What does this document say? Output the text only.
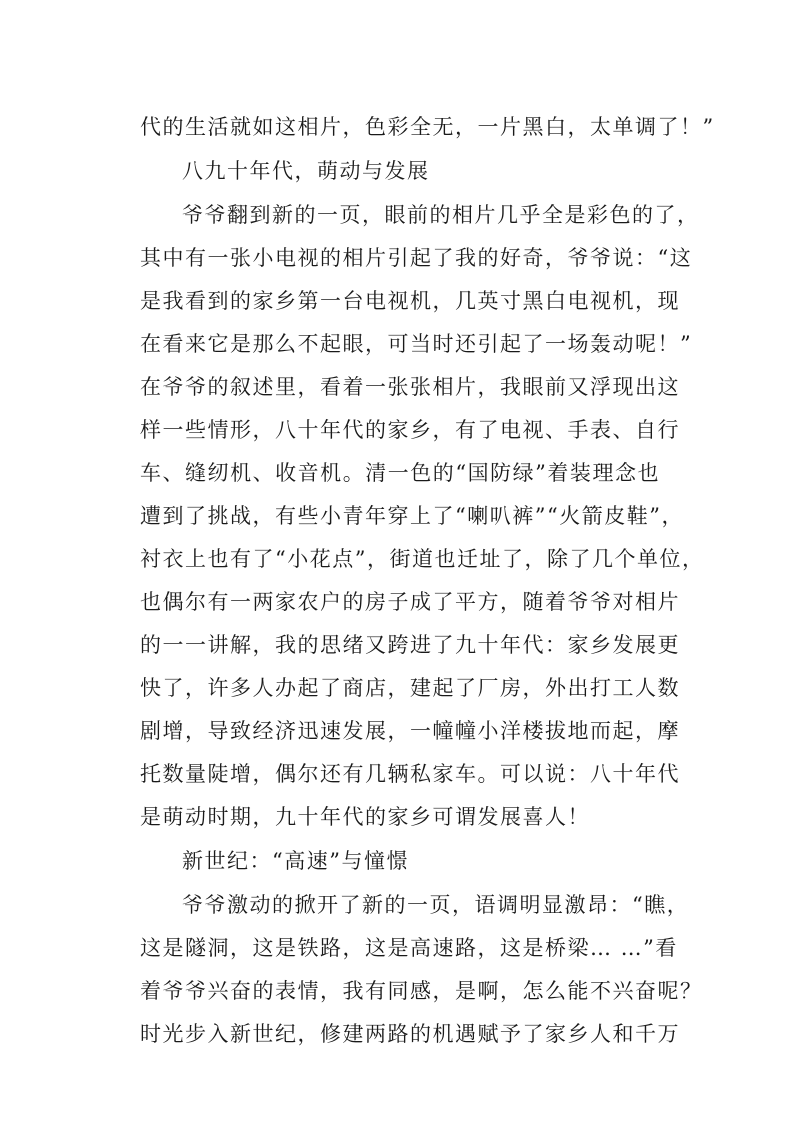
代的生活就如这相片，色彩全无，一片黑白，太单调了！”
八九十年代，萌动与发展
爷爷翻到新的一页，眼前的相片几乎全是彩色的了，
其中有一张小电视的相片引起了我的好奇，爷爷说：“这
是我看到的家乡第一台电视机，几英寸黑白电视机，现
在看来它是那么不起眼，可当时还引起了一场轰动呢！”
在爷爷的叙述里，看着一张张相片，我眼前又浮现出这
样一些情形，八十年代的家乡，有了电视、手表、自行
车、缝纫机、收音机。清一色的“国防绿”着装理念也
遭到了挑战，有些小青年穿上了“喇叭裤”“火箭皮鞋”，
衬衣上也有了“小花点”，街道也迁址了，除了几个单位，
也偶尔有一两家农户的房子成了平方，随着爷爷对相片
的一一讲解，我的思绪又跨进了九十年代：家乡发展更
快了，许多人办起了商店，建起了厂房，外出打工人数
剧增，导致经济迅速发展，一幢幢小洋楼拔地而起，摩
托数量陡增，偶尔还有几辆私家车。可以说：八十年代
是萌动时期，九十年代的家乡可谓发展喜人！
新世纪：“高速”与憧憬
爷爷激动的掀开了新的一页，语调明显激昂：“瞧，
这是隧洞，这是铁路，这是高速路，这是桥梁… …”看
着爷爷兴奋的表情，我有同感，是啊，怎么能不兴奋呢？
时光步入新世纪，修建两路的机遇赋予了家乡人和千万
